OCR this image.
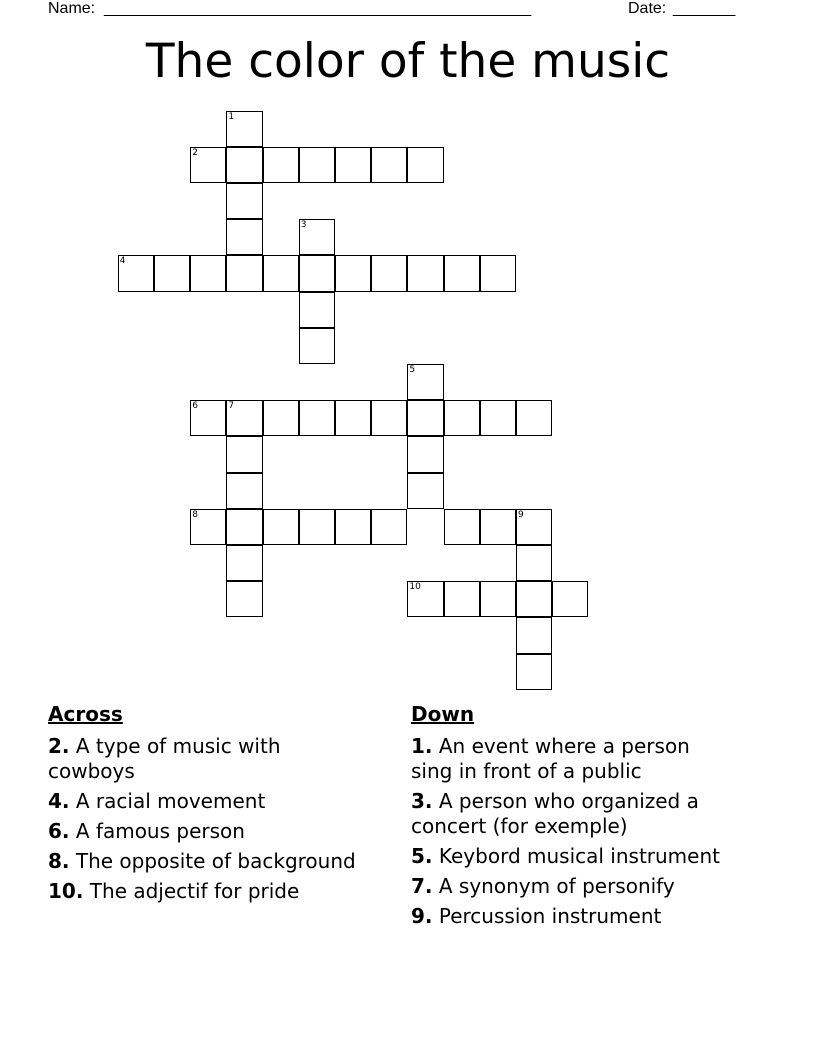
Name: ________________________________________________	Date: _______
The color of the music
1
2
3
4
5
6	7
8	9
10
Across
2. A type of music with cowboys
4. A racial movement
6. A famous person
8. The opposite of background
10. The adjectif for pride
Down
1. An event where a person sing in front of a public
3. A person who organized a concert (for exemple)
5. Keybord musical instrument
7. A synonym of personify
9. Percussion instrument
